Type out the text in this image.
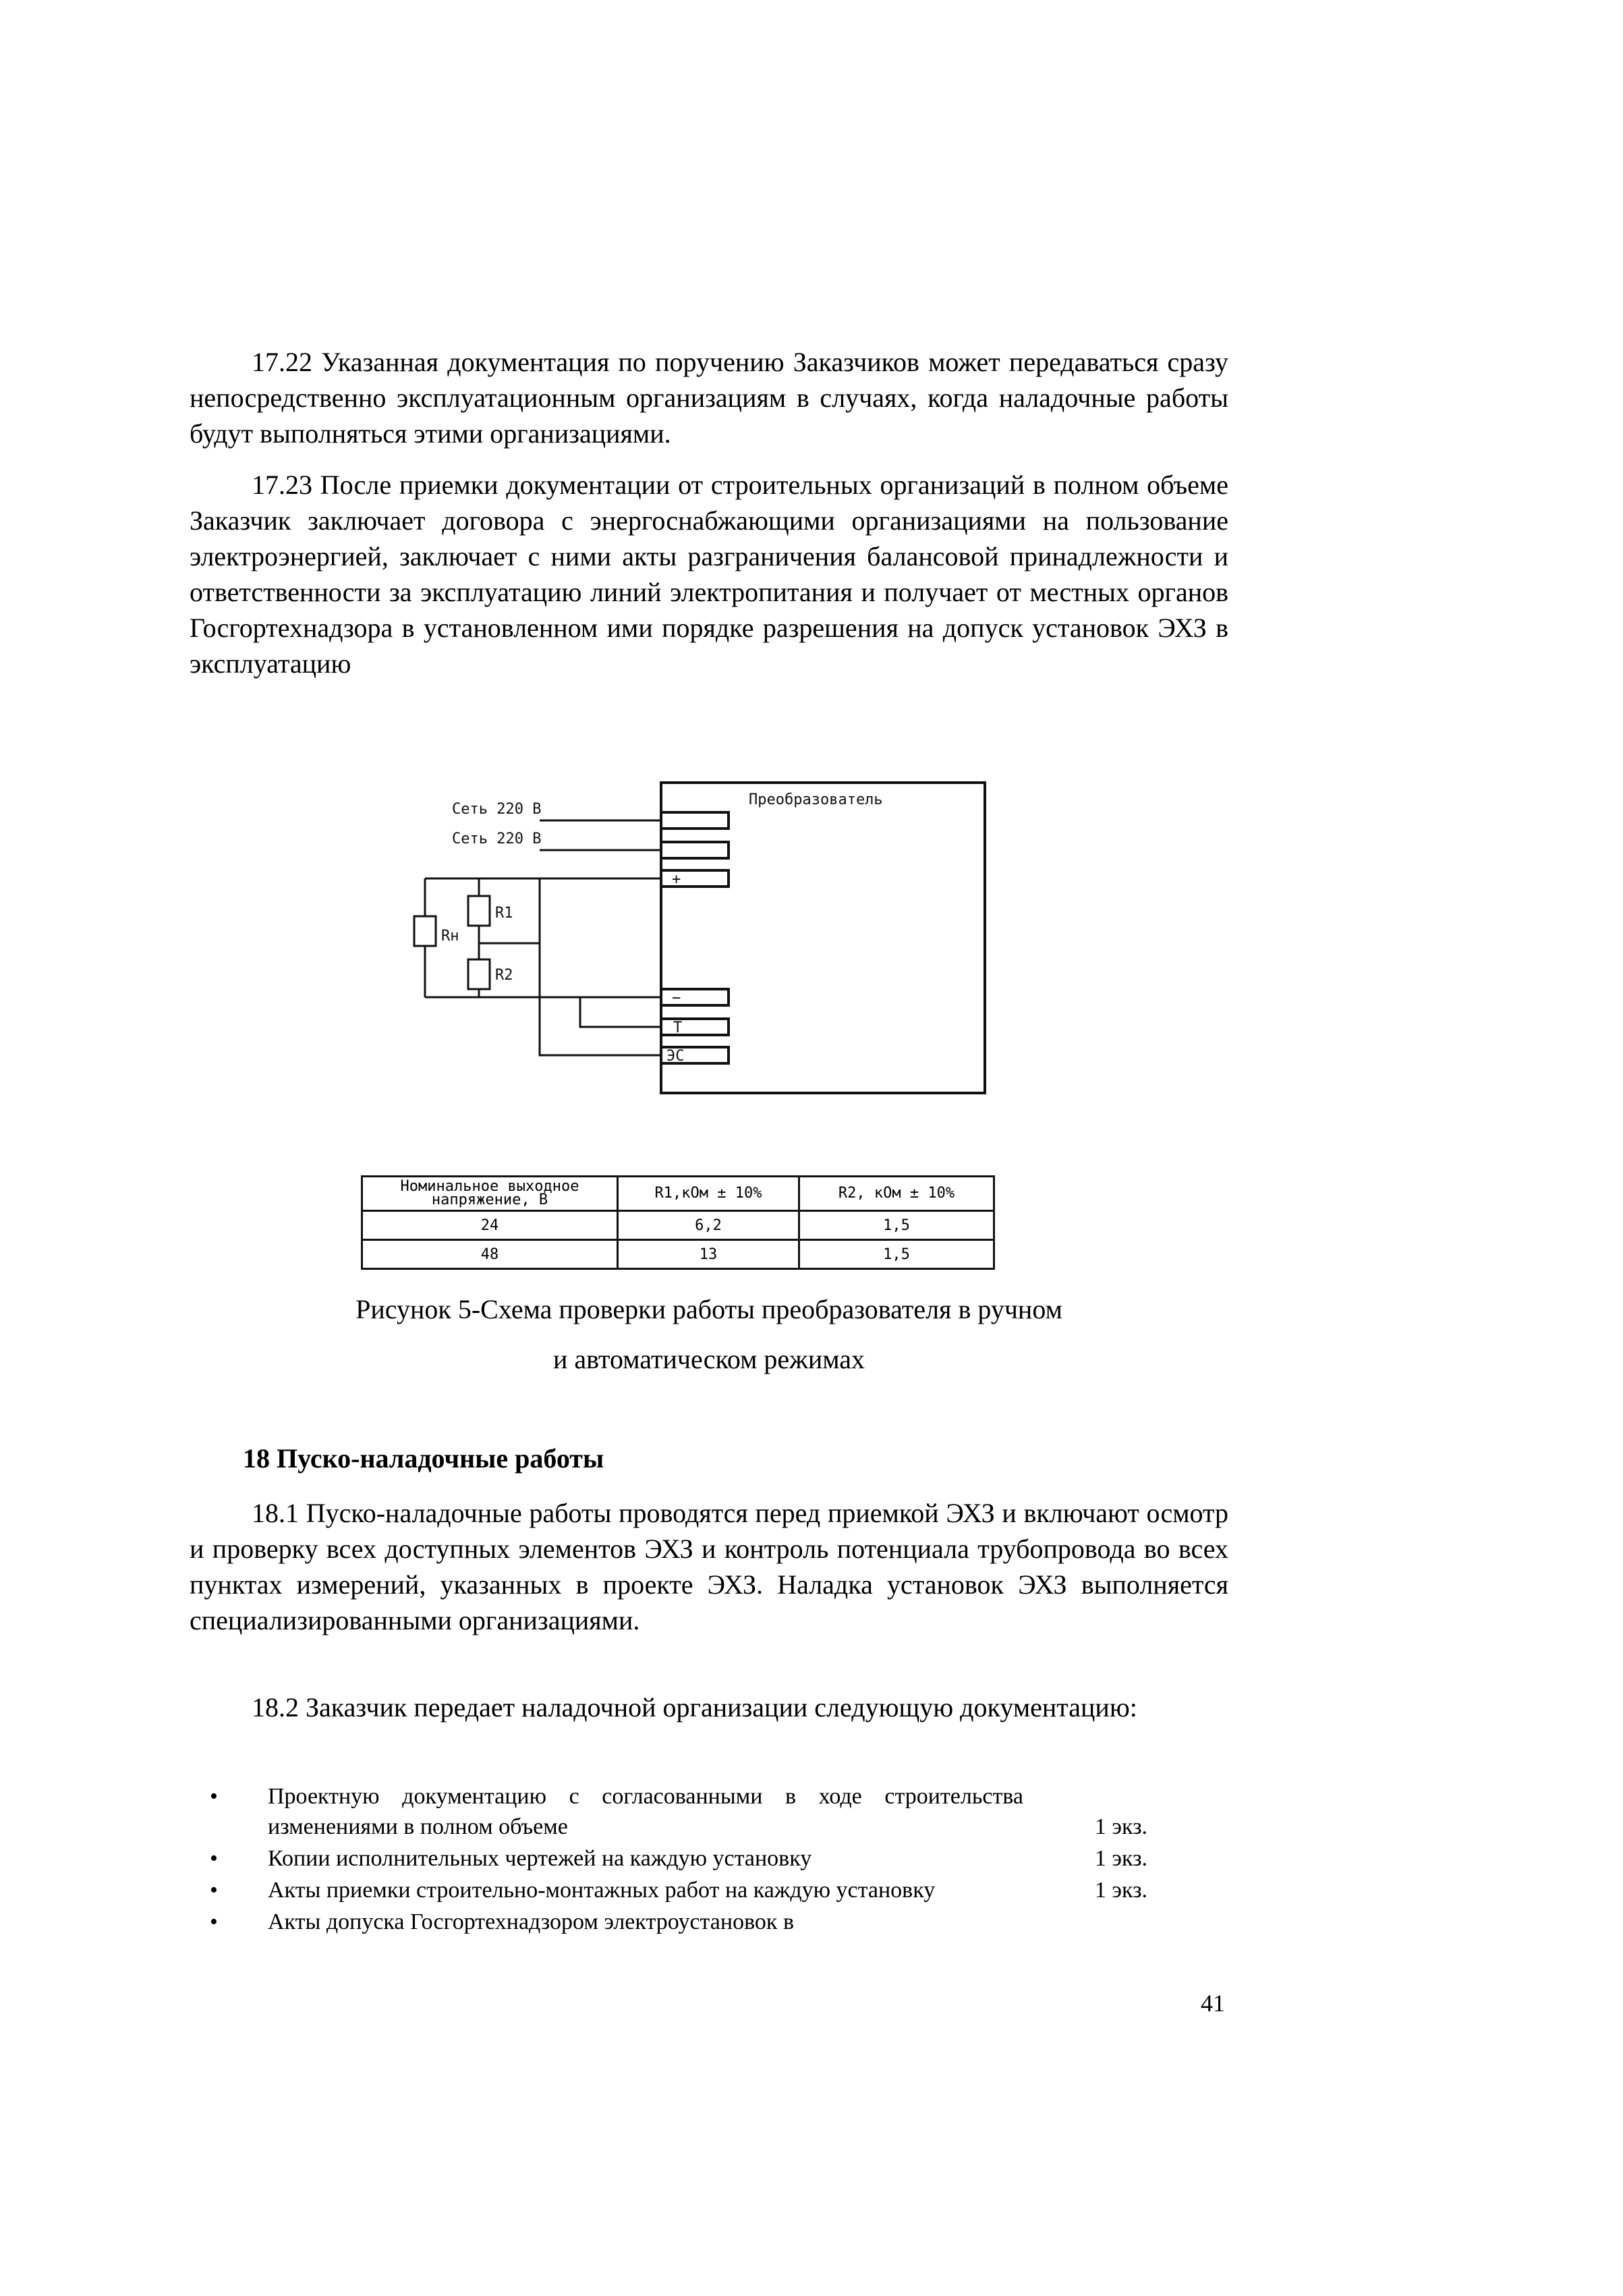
17.22 Указанная документация по поручению Заказчиков может передаваться сразу непосредственно эксплуатационным организациям в случаях, когда наладочные работы будут выполняться этими организациями.

17.23 После приемки документации от строительных организаций в полном объеме Заказчик заключает договора с энергоснабжающими организациями на пользование электроэнергией, заключает с ними акты разграничения балансовой принадлежности и ответственности за эксплуатацию линий электропитания и получает от местных органов Госгортехнадзора в установленном ими порядке разрешения на допуск установок ЭХЗ в эксплуатацию

Преобразователь
+
−
Т
ЭС
Сеть 220 В
Сеть 220 В
Rн
R1
R2
Номинальное выходное напряжение, В	R1,кОм ± 10%	R2, кОм ± 10%
24	6,2	1,5
48	13	1,5
Рисунок 5-Схема проверки работы преобразователя в ручном
и автоматическом режимах
18 Пуско-наладочные работы

18.1 Пуско-наладочные работы проводятся перед приемкой ЭХЗ и включают осмотр и проверку всех доступных элементов ЭХЗ и контроль потенциала трубопровода во всех пунктах измерений, указанных в проекте ЭХЗ. Наладка установок ЭХЗ выполняется специализированными организациями.

18.2 Заказчик передает наладочной организации следующую документацию:

• Проектную документацию с согласованными в ходе строительства изменениями в полном объеме	1 экз.
• Копии исполнительных чертежей на каждую установку	1 экз.
• Акты приемки строительно-монтажных работ на каждую установку	1 экз.
• Акты допуска Госгортехнадзором электроустановок в
41
